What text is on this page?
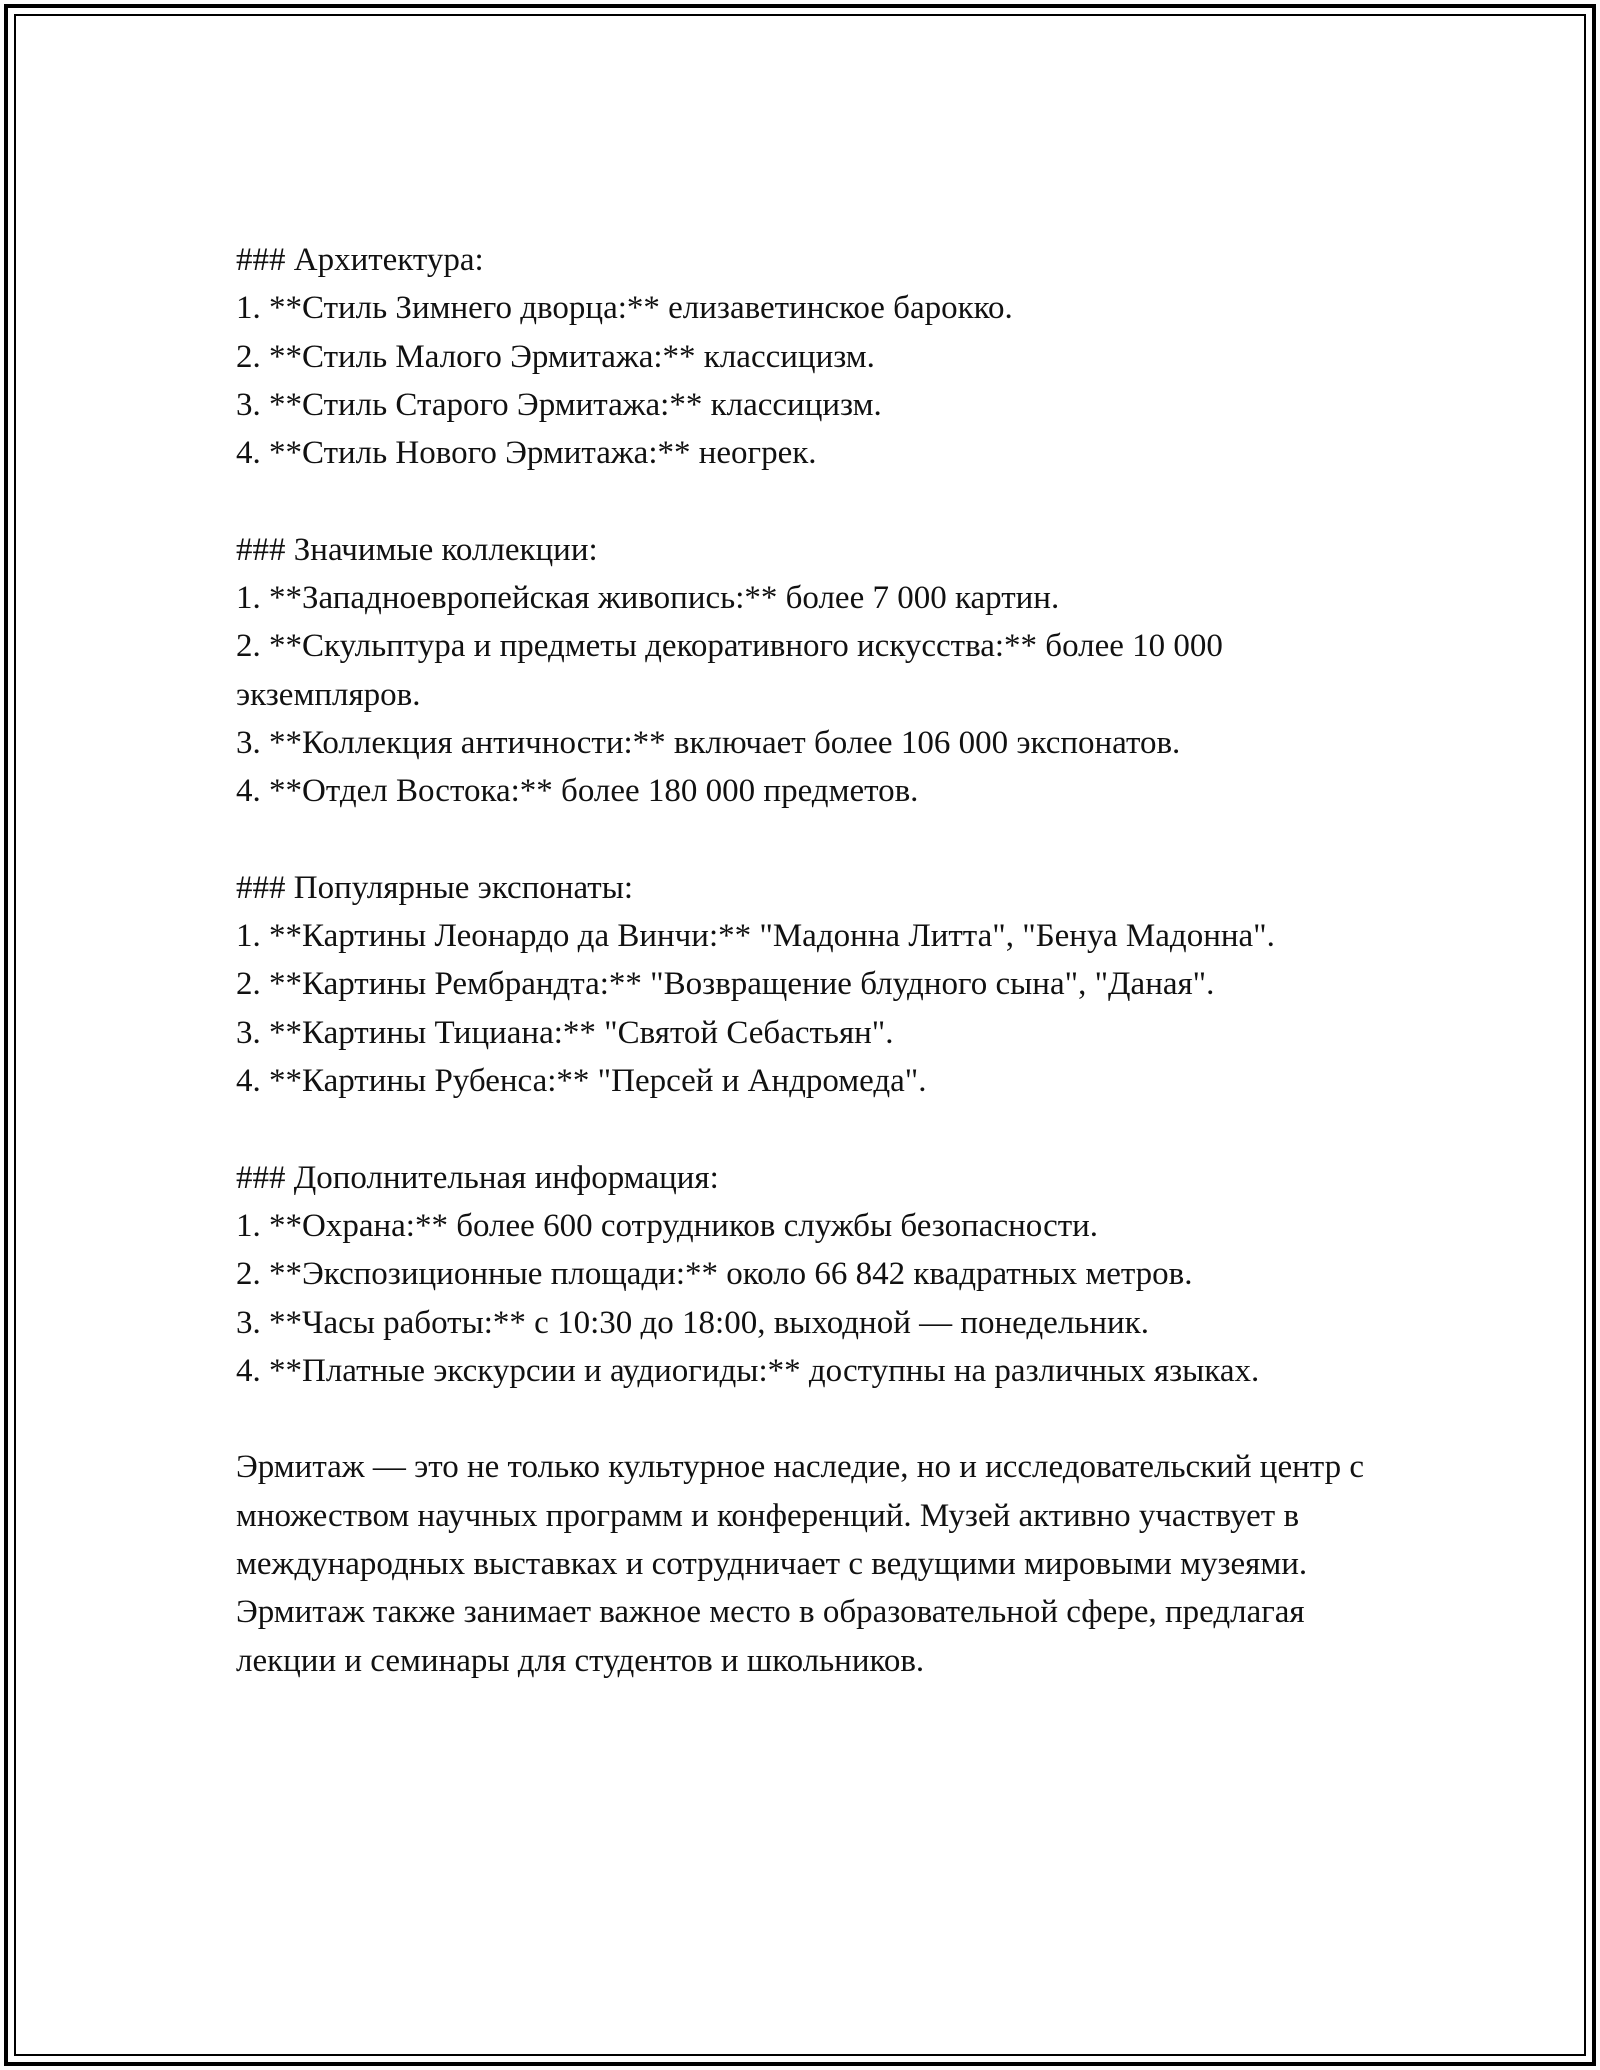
### Архитектура:
1. **Стиль Зимнего дворца:** елизаветинское барокко.
2. **Стиль Малого Эрмитажа:** классицизм.
3. **Стиль Старого Эрмитажа:** классицизм.
4. **Стиль Нового Эрмитажа:** неогрек.
### Значимые коллекции:
1. **Западноевропейская живопись:** более 7 000 картин.
2. **Скульптура и предметы декоративного искусства:** более 10 000 экземпляров.
3. **Коллекция античности:** включает более 106 000 экспонатов.
4. **Отдел Востока:** более 180 000 предметов.
### Популярные экспонаты:
1. **Картины Леонардо да Винчи:** "Мадонна Литта", "Бенуа Мадонна".
2. **Картины Рембрандта:** "Возвращение блудного сына", "Даная".
3. **Картины Тициана:** "Святой Себастьян".
4. **Картины Рубенса:** "Персей и Андромеда".
### Дополнительная информация:
1. **Охрана:** более 600 сотрудников службы безопасности.
2. **Экспозиционные площади:** около 66 842 квадратных метров.
3. **Часы работы:** с 10:30 до 18:00, выходной — понедельник.
4. **Платные экскурсии и аудиогиды:** доступны на различных языках.
Эрмитаж — это не только культурное наследие, но и исследовательский центр с множеством научных программ и конференций. Музей активно участвует в международных выставках и сотрудничает с ведущими мировыми музеями. Эрмитаж также занимает важное место в образовательной сфере, предлагая лекции и семинары для студентов и школьников.
